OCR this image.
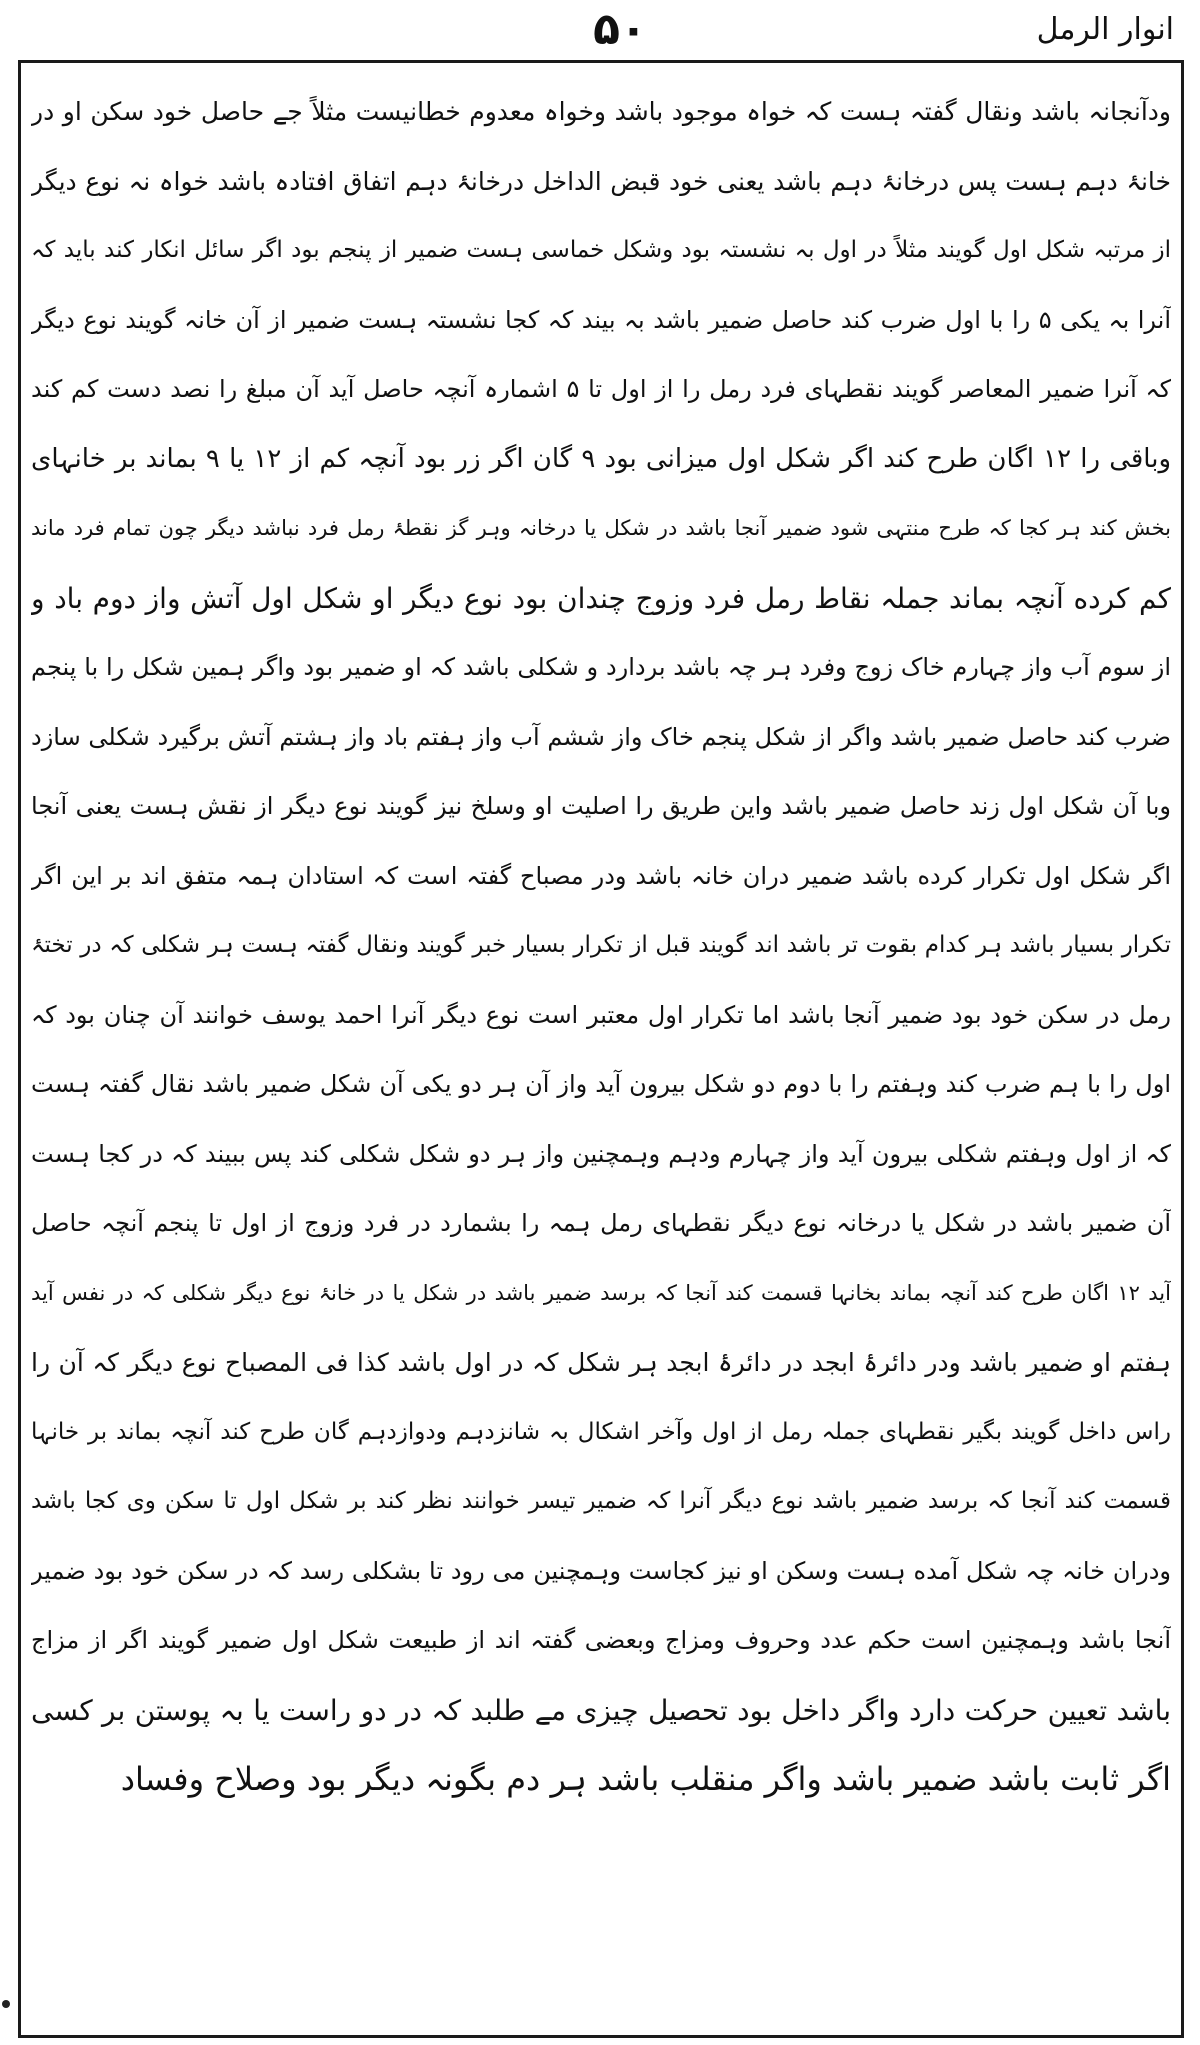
۵۰	انوار الرمل
ودآنجانہ باشد ونقال گفتہ ہست کہ خواہ موجود باشد وخواہ معدوم خطانیست مثلاً جے حاصل خود سکن او در
خانۂ دہم ہست پس درخانۂ دہم باشد یعنی خود قبض الداخل درخانۂ دہم اتفاق افتادہ باشد خواہ نہ نوع دیگر
از مرتبہ شکل اول گویند مثلاً در اول بہ نشستہ بود وشکل خماسی ہست ضمیر از پنجم بود اگر سائل انکار کند باید کہ
آنرا بہ یکی ۵ را با اول ضرب کند حاصل ضمیر باشد بہ بیند کہ کجا نشستہ ہست ضمیر از آن خانہ گویند نوع دیگر
کہ آنرا ضمیر المعاصر گویند نقطہای فرد رمل را از اول تا ۵ اشمارہ آنچہ حاصل آید آن مبلغ را نصد دست کم کند
وباقی را ۱۲ اگان طرح کند اگر شکل اول میزانی بود ۹ گان اگر زر بود آنچہ کم از ۱۲ یا ۹ بماند بر خانہای
بخش کند ہر کجا کہ طرح منتہی شود ضمیر آنجا باشد در شکل یا درخانہ وہر گز نقطۂ رمل فرد نباشد دیگر چون تمام فرد ماند
کم کرده آنچہ بماند جملہ نقاط رمل فرد وزوج چندان بود نوع دیگر او شکل اول آتش واز دوم باد و
از سوم آب واز چہارم خاک زوج وفرد ہر چہ باشد بردارد و شکلی باشد کہ او ضمیر بود واگر ہمین شکل را با پنجم
ضرب کند حاصل ضمیر باشد واگر از شکل پنجم خاک واز ششم آب واز ہفتم باد واز ہشتم آتش برگیرد شکلی سازد
وبا آن شکل اول زند حاصل ضمیر باشد واین طریق را اصلیت او وسلخ نیز گویند نوع دیگر از نقش ہست یعنی آنجا
اگر شکل اول تکرار کرده باشد ضمیر دران خانہ باشد ودر مصباح گفتہ است کہ استادان ہمہ متفق اند بر این اگر
تکرار بسیار باشد ہر کدام بقوت تر باشد اند گویند قبل از تکرار بسیار خبر گویند ونقال گفتہ ہست ہر شکلی کہ در تختۂ
رمل در سکن خود بود ضمیر آنجا باشد اما تکرار اول معتبر است نوع دیگر آنرا احمد یوسف خوانند آن چنان بود کہ
اول را با ہم ضرب کند وہفتم را با دوم دو شکل بیرون آید واز آن ہر دو یکی آن شکل ضمیر باشد نقال گفتہ ہست
کہ از اول وہفتم شکلی بیرون آید واز چہارم ودہم وہمچنین واز ہر دو شکل شکلی کند پس ببیند کہ در کجا ہست
آن ضمیر باشد در شکل یا درخانہ نوع دیگر نقطہای رمل ہمہ را بشمارد در فرد وزوج از اول تا پنجم آنچہ حاصل
آید ۱۲ اگان طرح کند آنچہ بماند بخانہا قسمت کند آنجا کہ برسد ضمیر باشد در شکل یا در خانۂ نوع دیگر شکلی کہ در نفس آید
ہفتم او ضمیر باشد ودر دائرۂ ابجد در دائرۂ ابجد ہر شکل کہ در اول باشد کذا فی المصباح نوع دیگر کہ آن را
راس داخل گویند بگیر نقطہای جملہ رمل از اول وآخر اشکال بہ شانزدہم ودوازدہم گان طرح کند آنچہ بماند بر خانہا
قسمت کند آنجا کہ برسد ضمیر باشد نوع دیگر آنرا کہ ضمیر تیسر خوانند نظر کند بر شکل اول تا سکن وی کجا باشد
ودران خانہ چہ شکل آمده ہست وسکن او نیز کجاست وہمچنین می رود تا بشکلی رسد کہ در سکن خود بود ضمیر
آنجا باشد وہمچنین است حکم عدد وحروف ومزاج وبعضی گفتہ اند از طبیعت شکل اول ضمیر گویند اگر از مزاج
باشد تعیین حرکت دارد واگر داخل بود تحصیل چیزی مے طلبد کہ در دو راست یا بہ پوستن بر کسی
اگر ثابت باشد ضمیر باشد واگر منقلب باشد ہر دم بگونہ دیگر بود وصلاح وفساد
